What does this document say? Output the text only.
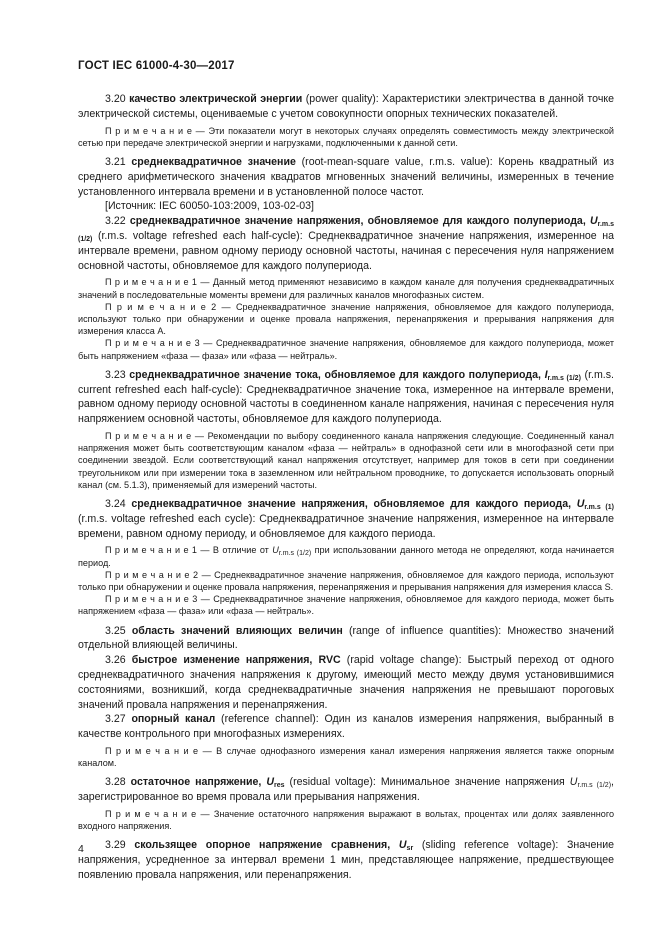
ГОСТ IEC 61000-4-30—2017

3.20 качество электрической энергии (power quality): Характеристики электричества в данной точке электрической системы, оцениваемые с учетом совокупности опорных технических показателей.

П р и м е ч а н и е — Эти показатели могут в некоторых случаях определять совместимость между электрической сетью при передаче электрической энергии и нагрузками, подключенными к данной сети.

3.21 среднеквадратичное значение (root-mean-square value, r.m.s. value): Корень квадратный из среднего арифметического значения квадратов мгновенных значений величины, измеренных в течение установленного интервала времени и в установленной полосе частот.

[Источник: IEC 60050-103:2009, 103-02-03]

3.22 среднеквадратичное значение напряжения, обновляемое для каждого полупериода, $U_{r.m.s (1/2)}$ (r.m.s. voltage refreshed each half-cycle): Среднеквадратичное значение напряжения, измеренное на интервале времени, равном одному периоду основной частоты, начиная с пересечения нуля напряжением основной частоты, обновляемое для каждого полупериода.

П р и м е ч а н и е 1 — Данный метод применяют независимо в каждом канале для получения среднеквадратичных значений в последовательные моменты времени для различных каналов многофазных систем.

П р и м е ч а н и е 2 — Среднеквадратичное значение напряжения, обновляемое для каждого полупериода, используют только при обнаружении и оценке провала напряжения, перенапряжения и прерывания напряжения для измерения класса A.

П р и м е ч а н и е 3 — Среднеквадратичное значение напряжения, обновляемое для каждого полупериода, может быть напряжением «фаза — фаза» или «фаза — нейтраль».

3.23 среднеквадратичное значение тока, обновляемое для каждого полупериода, $I_{r.m.s (1/2)}$ (r.m.s. current refreshed each half-cycle): Среднеквадратичное значение тока, измеренное на интервале времени, равном одному периоду основной частоты в соединенном канале напряжения, начиная с пересечения нуля напряжением основной частоты, обновляемое для каждого полупериода.

П р и м е ч а н и е — Рекомендации по выбору соединенного канала напряжения следующие. Соединенный канал напряжения может быть соответствующим каналом «фаза — нейтраль» в однофазной сети или в многофазной сети при соединении звездой. Если соответствующий канал напряжения отсутствует, например для токов в сети при соединении треугольником или при измерении тока в заземленном или нейтральном проводнике, то допускается использовать опорный канал (см. 5.1.3), применяемый для измерений частоты.

3.24 среднеквадратичное значение напряжения, обновляемое для каждого периода, $U_{r.m.s (1)}$ (r.m.s. voltage refreshed each cycle): Среднеквадратичное значение напряжения, измеренное на интервале времени, равном одному периоду, и обновляемое для каждого периода.

П р и м е ч а н и е 1 — В отличие от $U_{r.m.s (1/2)}$ при использовании данного метода не определяют, когда начинается период.

П р и м е ч а н и е 2 — Среднеквадратичное значение напряжения, обновляемое для каждого периода, используют только при обнаружении и оценке провала напряжения, перенапряжения и прерывания напряжения для измерения класса S.

П р и м е ч а н и е 3 — Среднеквадратичное значение напряжения, обновляемое для каждого периода, может быть напряжением «фаза — фаза» или «фаза — нейтраль».

3.25 область значений влияющих величин (range of influence quantities): Множество значений отдельной влияющей величины.

3.26 быстрое изменение напряжения, RVC (rapid voltage change): Быстрый переход от одного среднеквадратичного значения напряжения к другому, имеющий место между двумя установившимися состояниями, возникший, когда среднеквадратичные значения напряжения не превышают пороговых значений провала напряжения и перенапряжения.

3.27 опорный канал (reference channel): Один из каналов измерения напряжения, выбранный в качестве контрольного при многофазных измерениях.

П р и м е ч а н и е — В случае однофазного измерения канал измерения напряжения является также опорным каналом.

3.28 остаточное напряжение, $U_{res}$ (residual voltage): Минимальное значение напряжения $U_{r.m.s (1/2)}$, зарегистрированное во время провала или прерывания напряжения.

П р и м е ч а н и е — Значение остаточного напряжения выражают в вольтах, процентах или долях заявленного входного напряжения.

3.29 скользящее опорное напряжение сравнения, $U_{sr}$ (sliding reference voltage): Значение напряжения, усредненное за интервал времени 1 мин, представляющее напряжение, предшествующее появлению провала напряжения, или перенапряжения.

4
